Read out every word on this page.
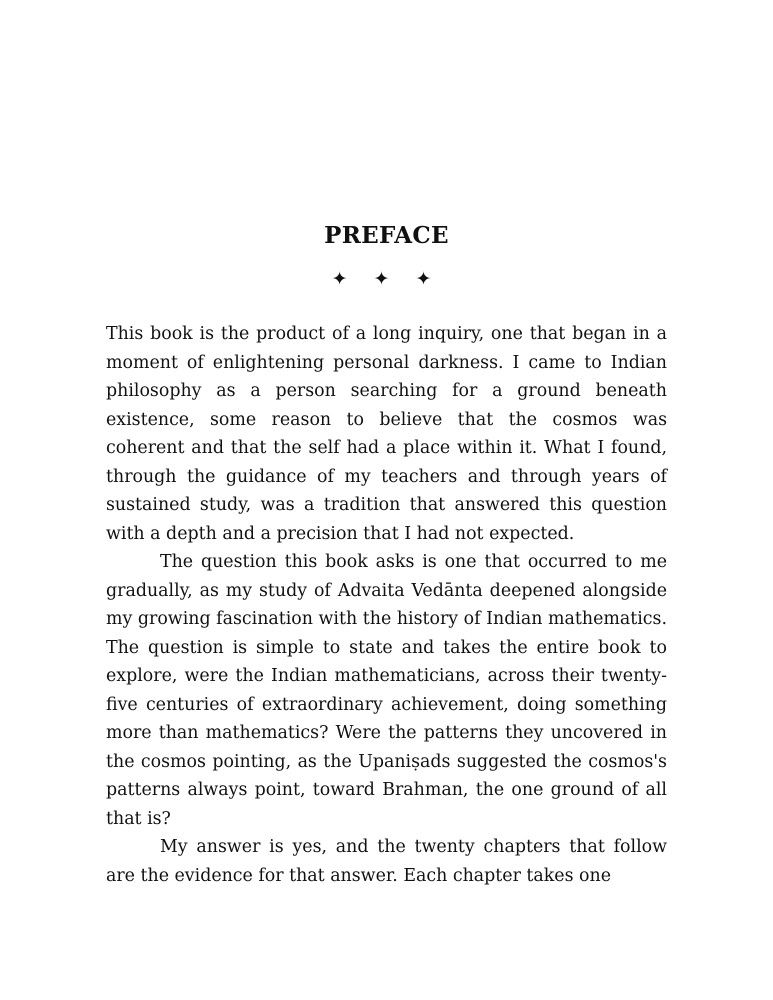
PREFACE
✦ ✦ ✦

This book is the product of a long inquiry, one that began in a moment of enlightening personal darkness. I came to Indian philosophy as a person searching for a ground beneath existence, some reason to believe that the cosmos was coherent and that the self had a place within it. What I found, through the guidance of my teachers and through years of sustained study, was a tradition that answered this question with a depth and a precision that I had not expected.

The question this book asks is one that occurred to me gradually, as my study of Advaita Vedānta deepened alongside my growing fascination with the history of Indian mathematics. The question is simple to state and takes the entire book to explore, were the Indian mathematicians, across their twenty-five centuries of extraordinary achievement, doing something more than mathematics? Were the patterns they uncovered in the cosmos pointing, as the Upaniṣads suggested the cosmos's patterns always point, toward Brahman, the one ground of all that is?

My answer is yes, and the twenty chapters that follow are the evidence for that answer. Each chapter takes one
